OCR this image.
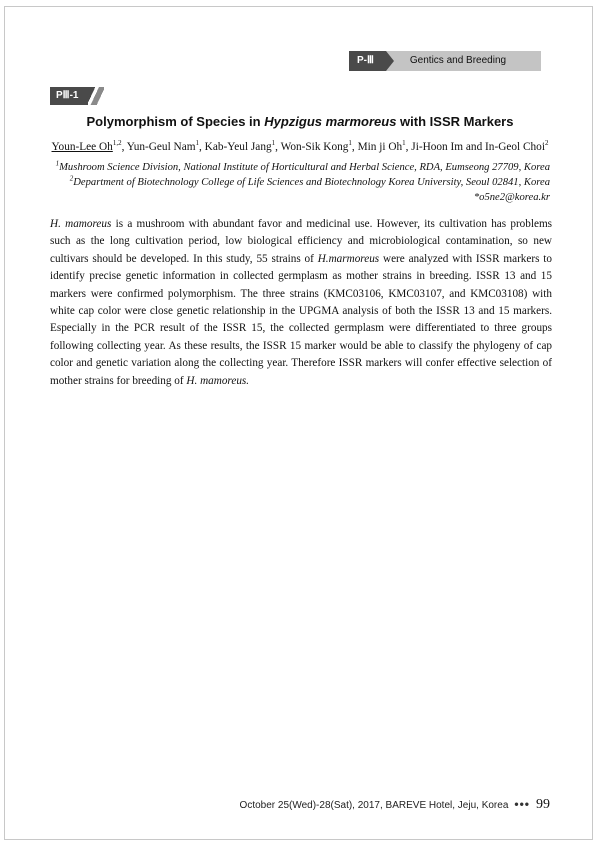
P-Ⅲ	Gentics and Breeding
PⅢ-1
Polymorphism of Species in Hypzigus marmoreus with ISSR Markers
Youn-Lee Oh$^{1,2}$, Yun-Geul Nam$^1$, Kab-Yeul Jang$^1$, Won-Sik Kong$^1$, Min ji Oh$^1$, Ji-Hoon Im and In-Geol Choi$^2$
$^1$Mushroom Science Division, National Institute of Horticultural and Herbal Science, RDA, Eumseong 27709, Korea
$^2$Department of Biotechnology College of Life Sciences and Biotechnology Korea University, Seoul 02841, Korea
*o5ne2@korea.kr

H. mamoreus is a mushroom with abundant favor and medicinal use. However, its cultivation has problems such as the long cultivation period, low biological efficiency and microbiological contamination, so new cultivars should be developed. In this study, 55 strains of H.marmoreus were analyzed with ISSR markers to identify precise genetic information in collected germplasm as mother strains in breeding. ISSR 13 and 15 markers were confirmed polymorphism. The three strains (KMC03106, KMC03107, and KMC03108) with white cap color were close genetic relationship in the UPGMA analysis of both the ISSR 13 and 15 markers. Especially in the PCR result of the ISSR 15, the collected germplasm were differentiated to three groups following collecting year. As these results, the ISSR 15 marker would be able to classify the phylogeny of cap color and genetic variation along the collecting year. Therefore ISSR markers will confer effective selection of mother strains for breeding of H. mamoreus.

October 25(Wed)-28(Sat), 2017, BAREVE Hotel, Jeju, Korea ••• 99
